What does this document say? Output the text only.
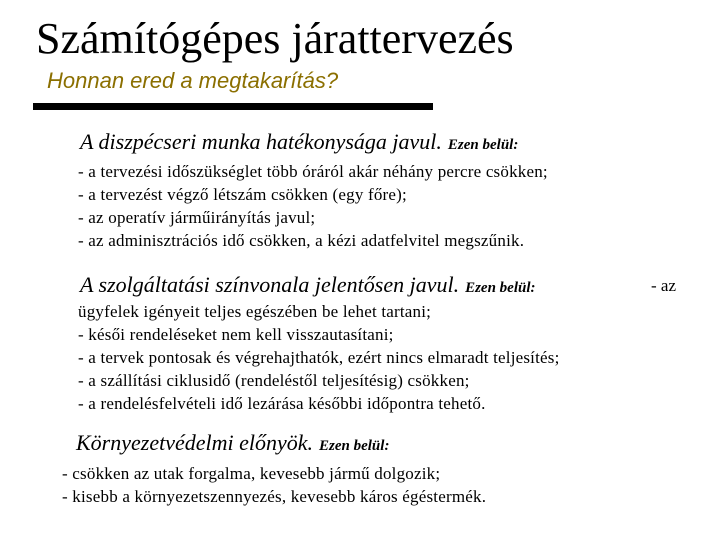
Számítógépes járattervezés
Honnan ered a megtakarítás?
A diszpécseri munka hatékonysága javul. Ezen belül:
- a tervezési időszükséglet több óráról akár néhány percre csökken;
- a tervezést végző létszám csökken (egy főre);
- az operatív járműirányítás javul;
- az adminisztrációs idő csökken, a kézi adatfelvitel megszűnik.
A szolgáltatási színvonala jelentősen javul. Ezen belül:	- az
ügyfelek igényeit teljes egészében be lehet tartani;
- késői rendeléseket nem kell visszautasítani;
- a tervek pontosak és végrehajthatók, ezért nincs elmaradt teljesítés;
- a szállítási ciklusidő (rendeléstől teljesítésig) csökken;
- a rendelésfelvételi idő lezárása későbbi időpontra tehető.
Környezetvédelmi előnyök. Ezen belül:
- csökken az utak forgalma, kevesebb jármű dolgozik;
- kisebb a környezetszennyezés, kevesebb káros égéstermék.
